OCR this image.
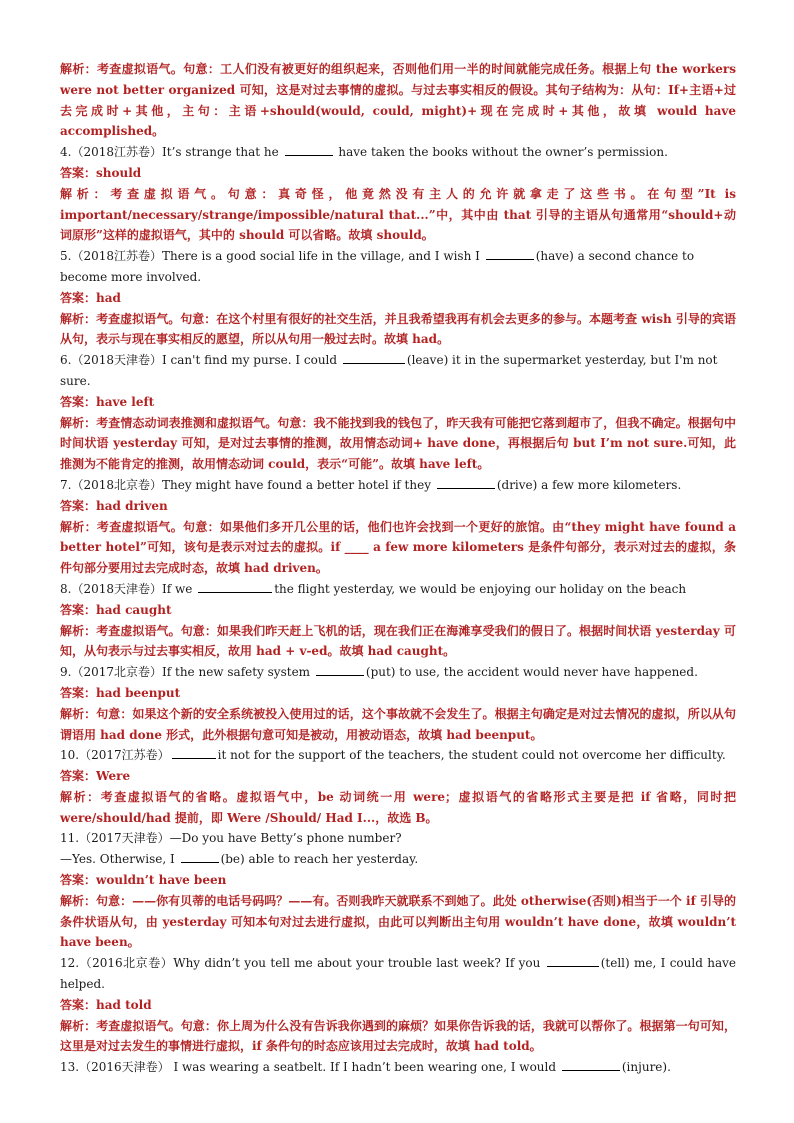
解析：考查虚拟语气。句意：工人们没有被更好的组织起来，否则他们用一半的时间就能完成任务。根据上句 the workers were not better organized 可知，这是对过去事情的虚拟。与过去事实相反的假设。其句子结构为：从句：If+主语+过去完成时+其他，主句：主语+should(would, could, might)+现在完成时+其他，故填 would have accomplished。
4.（2018江苏卷）It’s strange that he	have taken the books without the owner’s permission.
答案：should
解析：考查虚拟语气。句意：真奇怪，他竟然没有主人的允许就拿走了这些书。在句型”It is important/necessary/strange/impossible/natural that...”中，其中由 that 引导的主语从句通常用“should+动词原形”这样的虚拟语气，其中的 should 可以省略。故填 should。
5.（2018江苏卷）There is a good social life in the village, and I wish I	(have) a second chance to become more involved.
答案：had
解析：考查虚拟语气。句意：在这个村里有很好的社交生活，并且我希望我再有机会去更多的参与。本题考查 wish 引导的宾语从句，表示与现在事实相反的愿望，所以从句用一般过去时。故填 had。
6.（2018天津卷）I can't find my purse. I could	(leave) it in the supermarket yesterday, but I'm not sure.
答案：have left
解析：考查情态动词表推测和虚拟语气。句意：我不能找到我的钱包了，昨天我有可能把它落到超市了，但我不确定。根据句中时间状语 yesterday 可知，是对过去事情的推测，故用情态动词+ have done，再根据后句 but I’m not sure.可知，此推测为不能肯定的推测，故用情态动词 could，表示“可能”。故填 have left。
7.（2018北京卷）They might have found a better hotel if they	(drive) a few more kilometers.
答案：had driven
解析：考查虚拟语气。句意：如果他们多开几公里的话，他们也许会找到一个更好的旅馆。由“they might have found a better hotel”可知，该句是表示对过去的虚拟。if ____ a few more kilometers 是条件句部分，表示对过去的虚拟，条件句部分要用过去完成时态，故填 had driven。
8.（2018天津卷）If we	the flight yesterday, we would be enjoying our holiday on the beach
答案：had caught
解析：考查虚拟语气。句意：如果我们昨天赶上飞机的话，现在我们正在海滩享受我们的假日了。根据时间状语 yesterday 可知，从句表示与过去事实相反，故用 had + v-ed。故填 had caught。
9.（2017北京卷）If the new safety system	(put) to use, the accident would never have happened.
答案：had beenput
解析：句意：如果这个新的安全系统被投入使用过的话，这个事故就不会发生了。根据主句确定是对过去情况的虚拟，所以从句谓语用 had done 形式，此外根据句意可知是被动，用被动语态，故填 had beenput。
10.（2017江苏卷）	it not for the support of the teachers, the student could not overcome her difficulty.
答案：Were
解析：考查虚拟语气的省略。虚拟语气中，be 动词统一用 were；虚拟语气的省略形式主要是把 if 省略，同时把 were/should/had 提前，即 Were /Should/ Had I...，故选 B。
11.（2017天津卷）—Do you have Betty’s phone number?
—Yes. Otherwise, I	(be) able to reach her yesterday.
答案：wouldn’t have been
解析：句意：——你有贝蒂的电话号码吗？——有。否则我昨天就联系不到她了。此处 otherwise(否则)相当于一个 if 引导的条件状语从句，由 yesterday 可知本句对过去进行虚拟，由此可以判断出主句用 wouldn’t have done，故填 wouldn’t have been。
12.（2016北京卷）Why didn’t you tell me about your trouble last week? If you	(tell) me, I could have helped.
答案：had told
解析：考查虚拟语气。句意：你上周为什么没有告诉我你遇到的麻烦？如果你告诉我的话，我就可以帮你了。根据第一句可知，这里是对过去发生的事情进行虚拟，if 条件句的时态应该用过去完成时，故填 had told。
13.（2016天津卷） I was wearing a seatbelt. If I hadn’t been wearing one, I would	(injure).
